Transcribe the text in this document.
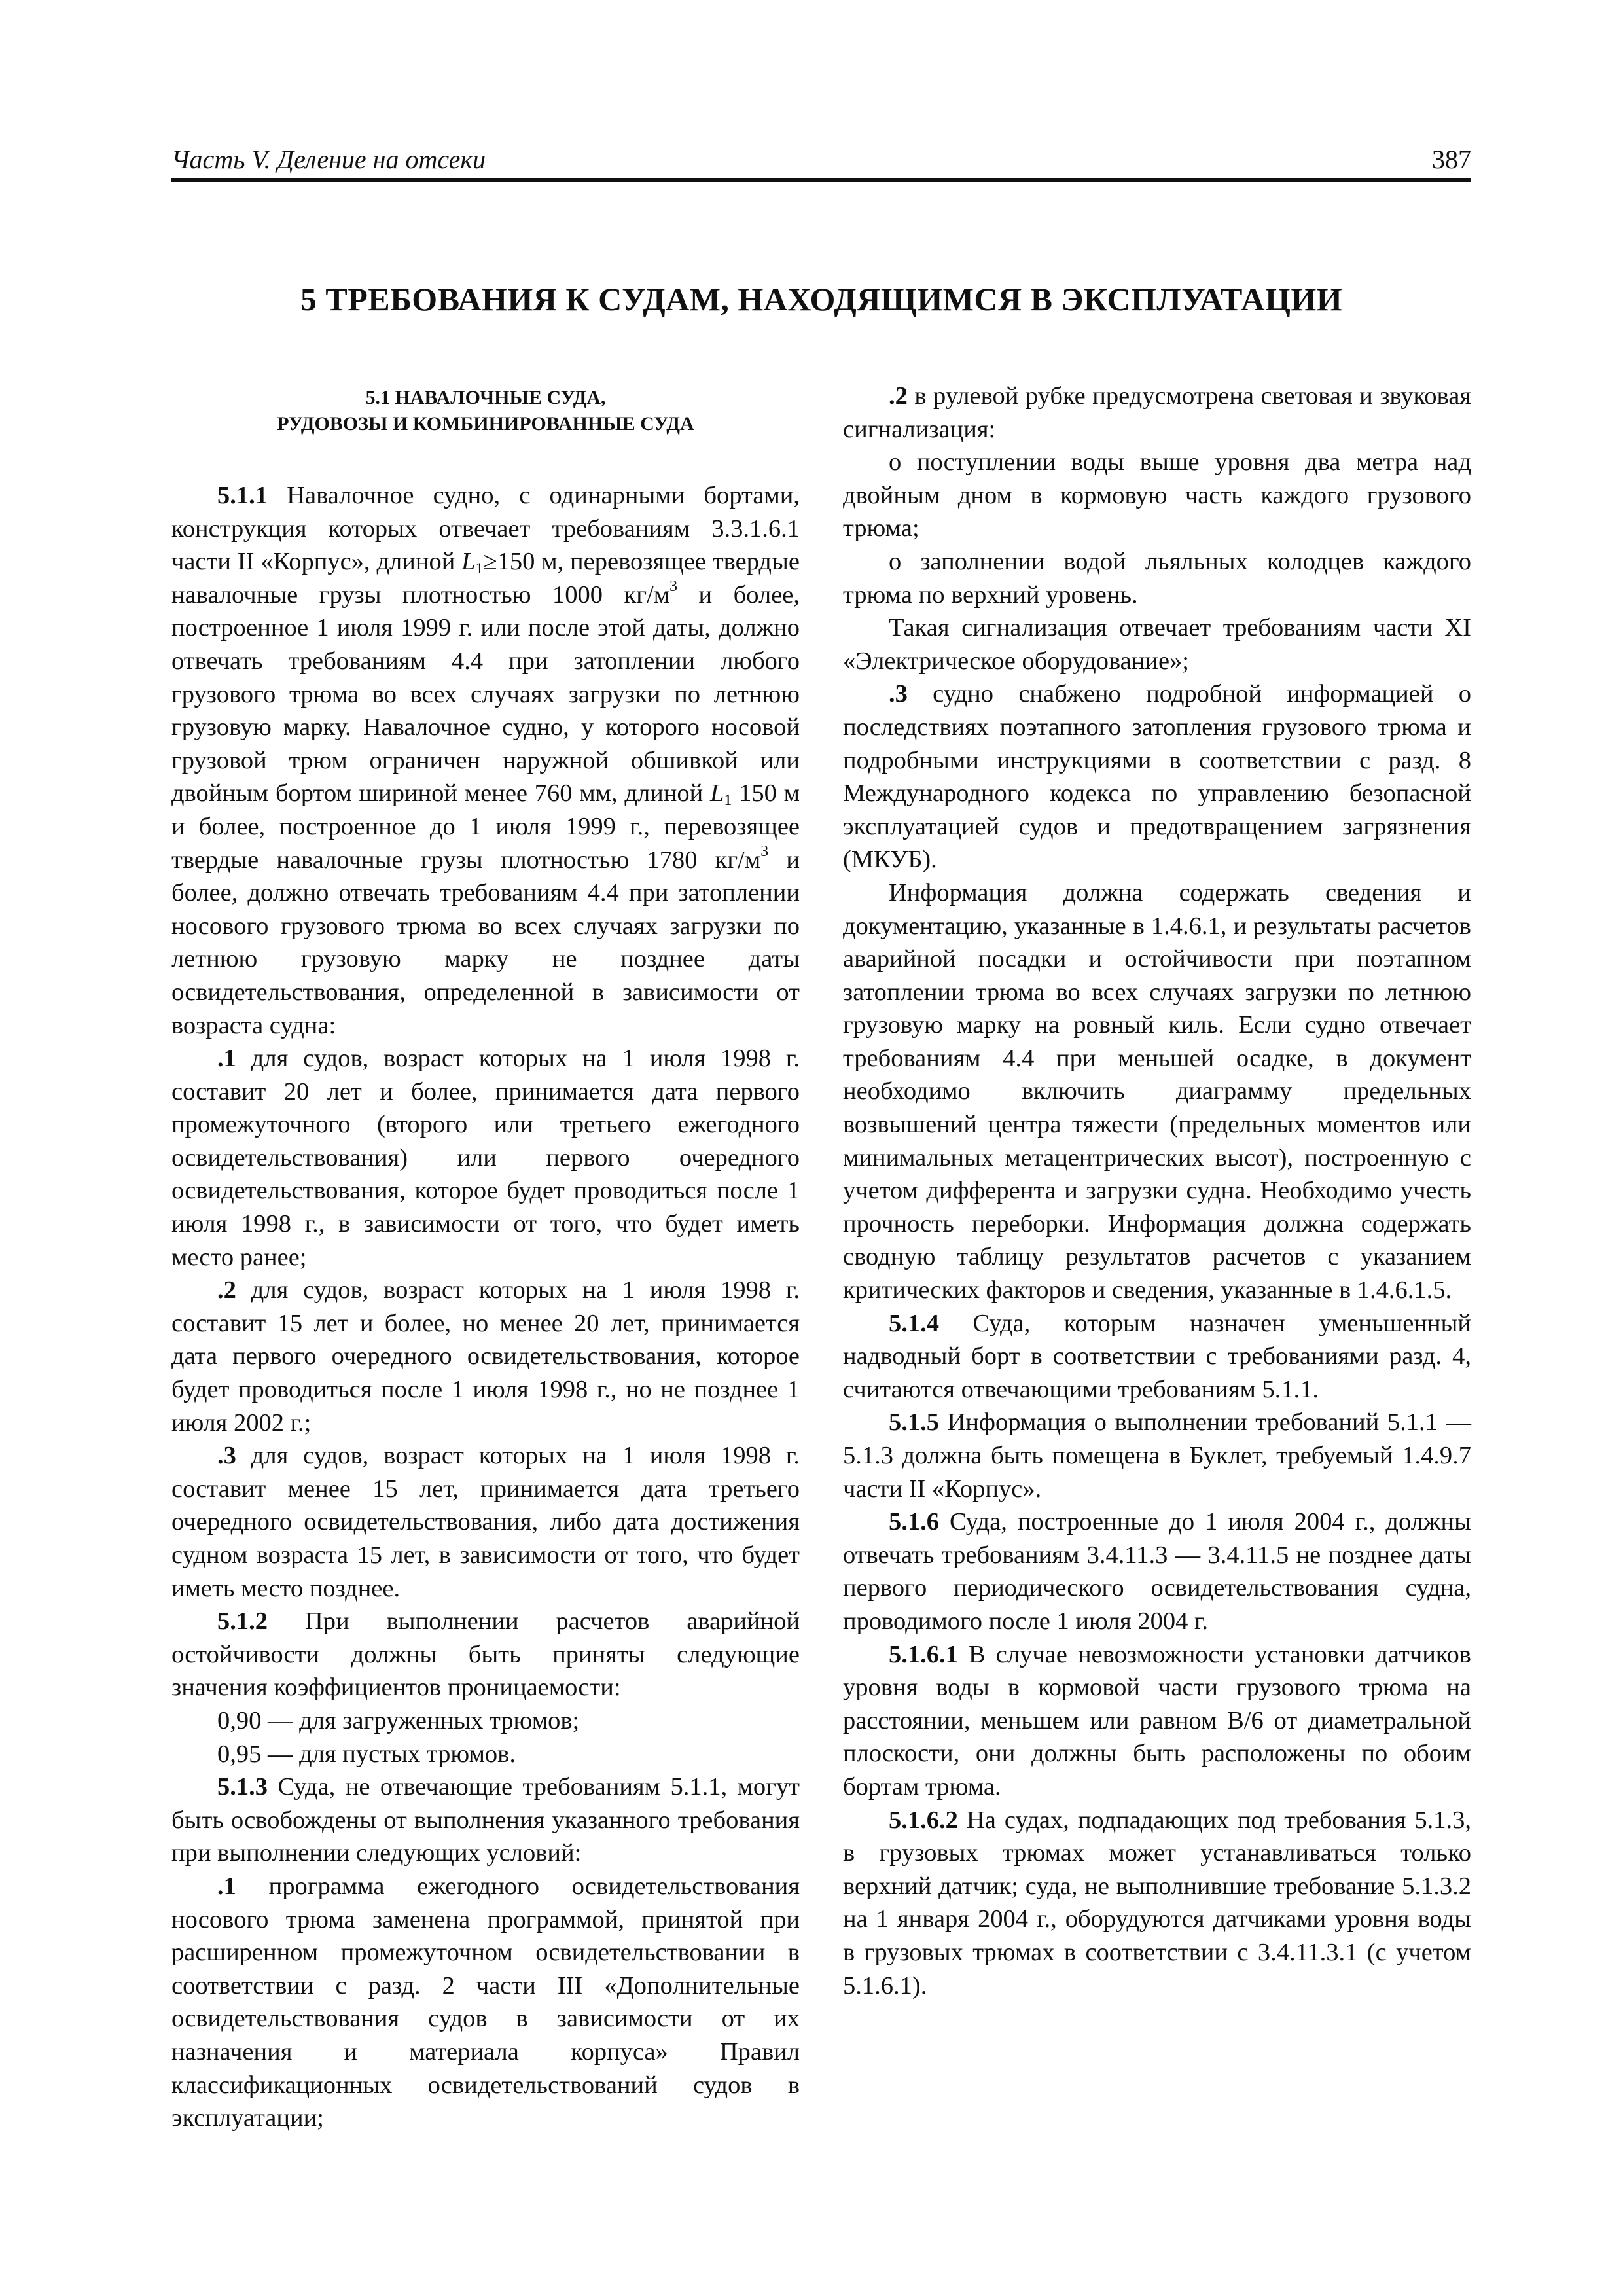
Часть V. Деление на отсеки	387
5 ТРЕБОВАНИЯ К СУДАМ, НАХОДЯЩИМСЯ В ЭКСПЛУАТАЦИИ
5.1 НАВАЛОЧНЫЕ СУДА,
РУДОВОЗЫ И КОМБИНИРОВАННЫЕ СУДА

5.1.1 Навалочное судно, с одинарными бортами, конструкция которых отвечает требованиям 3.3.1.6.1 части II «Корпус», длиной $L_1\ge 150$ м, перевозящее твердые навалочные грузы плотностью 1000 $кг/м^3$ и более, построенное 1 июля 1999 г. или после этой даты, должно отвечать требованиям 4.4 при затоплении любого грузового трюма во всех случаях загрузки по летнюю грузовую марку. Навалочное судно, у которого носовой грузовой трюм ограничен наружной обшивкой или двойным бортом шириной менее 760 мм, длиной $L_1$ 150 м и более, построенное до 1 июля 1999 г., перевозящее твердые навалочные грузы плотностью 1780 $кг/м^3$ и более, должно отвечать требованиям 4.4 при затоплении носового грузового трюма во всех случаях загрузки по летнюю грузовую марку не позднее даты освидетельствования, определенной в зависимости от возраста судна:

.1 для судов, возраст которых на 1 июля 1998 г. составит 20 лет и более, принимается дата первого промежуточного (второго или третьего ежегодного освидетельствования) или первого очередного освидетельствования, которое будет проводиться после 1 июля 1998 г., в зависимости от того, что будет иметь место ранее;

.2 для судов, возраст которых на 1 июля 1998 г. составит 15 лет и более, но менее 20 лет, принимается дата первого очередного освидетельствования, которое будет проводиться после 1 июля 1998 г., но не позднее 1 июля 2002 г.;

.3 для судов, возраст которых на 1 июля 1998 г. составит менее 15 лет, принимается дата третьего очередного освидетельствования, либо дата достижения судном возраста 15 лет, в зависимости от того, что будет иметь место позднее.

5.1.2 При выполнении расчетов аварийной остойчивости должны быть приняты следующие значения коэффициентов проницаемости:

0,90 — для загруженных трюмов;

0,95 — для пустых трюмов.

5.1.3 Суда, не отвечающие требованиям 5.1.1, могут быть освобождены от выполнения указанного требования при выполнении следующих условий:

.1 программа ежегодного освидетельствования носового трюма заменена программой, принятой при расширенном промежуточном освидетельствовании в соответствии с разд. 2 части III «Дополнительные освидетельствования судов в зависимости от их назначения и материала корпуса» Правил классификационных освидетельствований судов в эксплуатации;

.2 в рулевой рубке предусмотрена световая и звуковая сигнализация:

о поступлении воды выше уровня два метра над двойным дном в кормовую часть каждого грузового трюма;

о заполнении водой льяльных колодцев каждого трюма по верхний уровень.

Такая сигнализация отвечает требованиям части XI «Электрическое оборудование»;

.3 судно снабжено подробной информацией о последствиях поэтапного затопления грузового трюма и подробными инструкциями в соответствии с разд. 8 Международного кодекса по управлению безопасной эксплуатацией судов и предотвращением загрязнения (МКУБ).

Информация должна содержать сведения и документацию, указанные в 1.4.6.1, и результаты расчетов аварийной посадки и остойчивости при поэтапном затоплении трюма во всех случаях загрузки по летнюю грузовую марку на ровный киль. Если судно отвечает требованиям 4.4 при меньшей осадке, в документ необходимо включить диаграмму предельных возвышений центра тяжести (предельных моментов или минимальных метацентрических высот), построенную с учетом дифферента и загрузки судна. Необходимо учесть прочность переборки. Информация должна содержать сводную таблицу результатов расчетов с указанием критических факторов и сведения, указанные в 1.4.6.1.5.

5.1.4 Суда, которым назначен уменьшенный надводный борт в соответствии с требованиями разд. 4, считаются отвечающими требованиям 5.1.1.

5.1.5 Информация о выполнении требований 5.1.1 — 5.1.3 должна быть помещена в Буклет, требуемый 1.4.9.7 части II «Корпус».

5.1.6 Суда, построенные до 1 июля 2004 г., должны отвечать требованиям 3.4.11.3 — 3.4.11.5 не позднее даты первого периодического освидетельствования судна, проводимого после 1 июля 2004 г.

5.1.6.1 В случае невозможности установки датчиков уровня воды в кормовой части грузового трюма на расстоянии, меньшем или равном B/6 от диаметральной плоскости, они должны быть расположены по обоим бортам трюма.

5.1.6.2 На судах, подпадающих под требования 5.1.3, в грузовых трюмах может устанавливаться только верхний датчик; суда, не выполнившие требование 5.1.3.2 на 1 января 2004 г., оборудуются датчиками уровня воды в грузовых трюмах в соответствии с 3.4.11.3.1 (с учетом 5.1.6.1).
